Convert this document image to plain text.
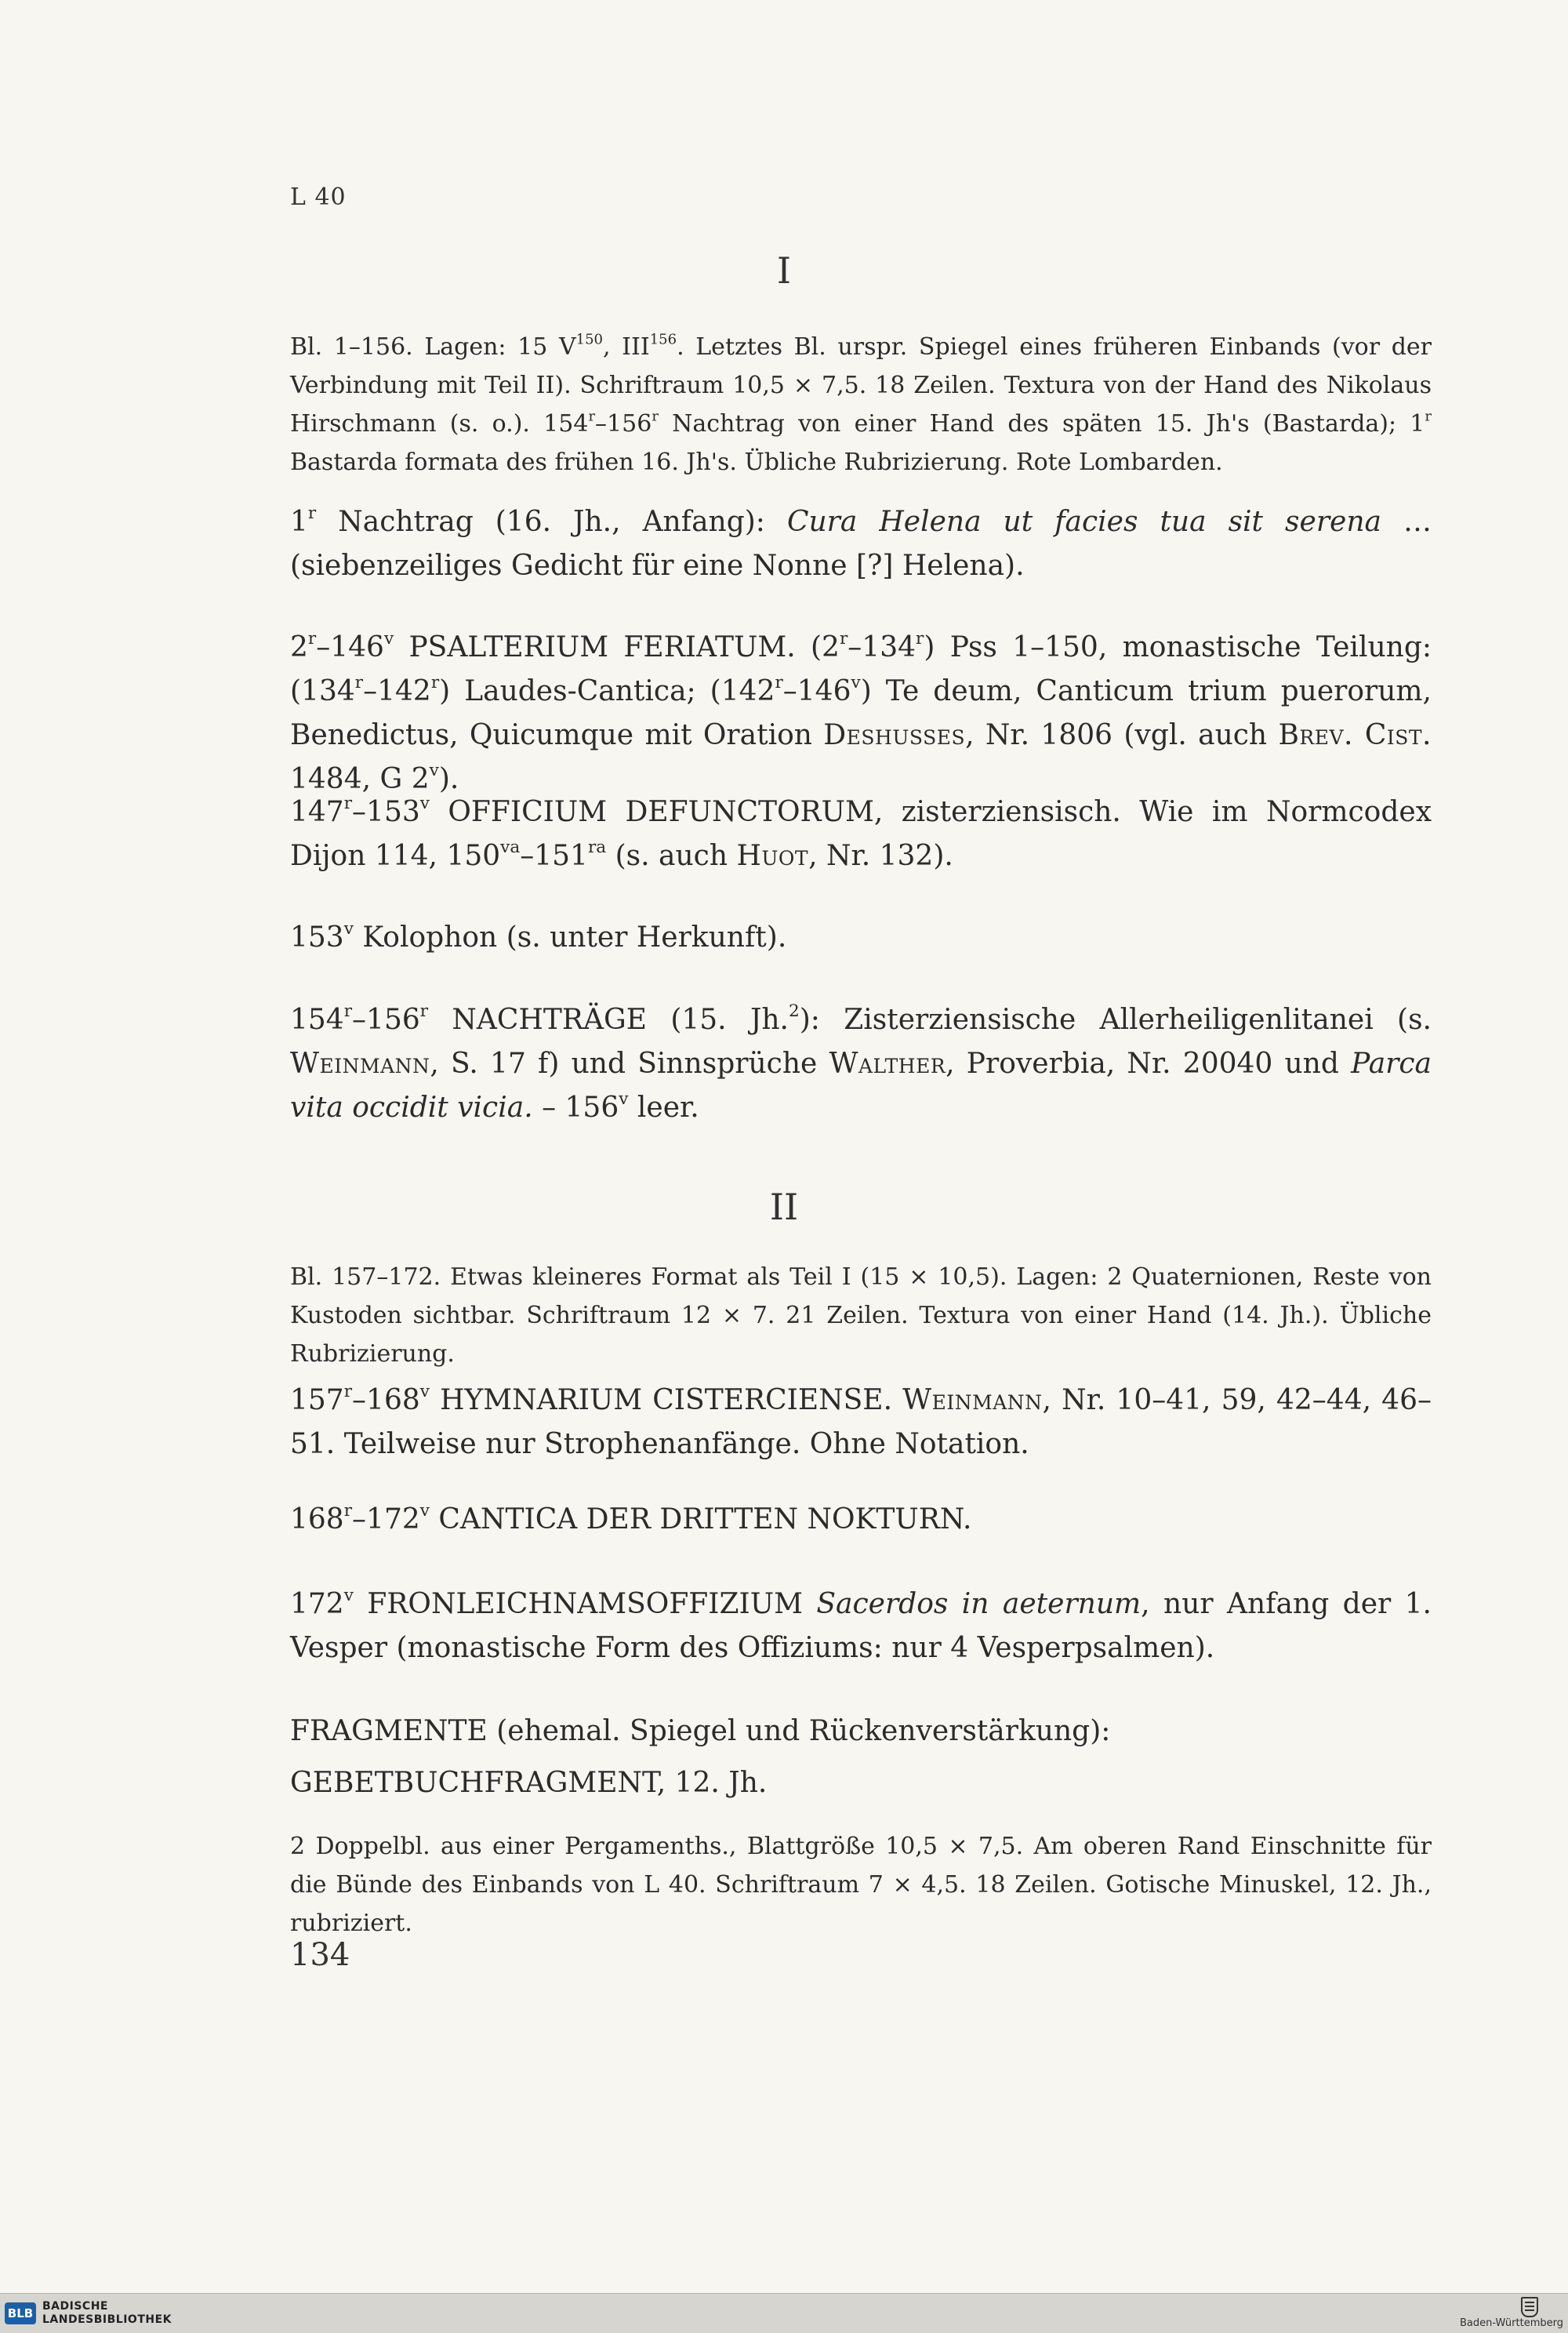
L 40
I
Bl. 1–156. Lagen: 15 $V^{150}$, III$^{156}$. Letztes Bl. urspr. Spiegel eines früheren Einbands (vor der Verbindung mit Teil II). Schriftraum 10,5 × 7,5. 18 Zeilen. Textura von der Hand des Nikolaus Hirschmann (s. o.). 154$^r$–156$^r$ Nachtrag von einer Hand des späten 15. Jh's (Bastarda); 1$^r$ Bastarda formata des frühen 16. Jh's. Übliche Rubrizierung. Rote Lombarden.
1$^r$ Nachtrag (16. Jh., Anfang): Cura Helena ut facies tua sit serena … (siebenzeiliges Gedicht für eine Nonne [?] Helena).
2$^r$–146$^v$ PSALTERIUM FERIATUM. (2$^r$–134$^r$) Pss 1–150, monastische Teilung: (134$^r$–142$^r$) Laudes-Cantica; (142$^r$–146$^v$) Te deum, Canticum trium puerorum, Benedictus, Quicumque mit Oration Deshusses, Nr. 1806 (vgl. auch Brev. Cist. 1484, G 2$^v$).
147$^r$–153$^v$ OFFICIUM DEFUNCTORUM, zisterziensisch. Wie im Normcodex Dijon 114, $150^{va}-151^{ra}$ (s. auch Huot, Nr. 132).
153$^v$ Kolophon (s. unter Herkunft).
154$^r$–156$^r$ NACHTRÄGE (15. Jh.$^2$): Zisterziensische Allerheiligenlitanei (s. Weinmann, S. 17 f) und Sinnsprüche Walther, Proverbia, Nr. 20040 und Parca vita occidit vicia. – 156$^v$ leer.
II
Bl. 157–172. Etwas kleineres Format als Teil I (15 × 10,5). Lagen: 2 Quaternionen, Reste von Kustoden sichtbar. Schriftraum 12 × 7. 21 Zeilen. Textura von einer Hand (14. Jh.). Übliche Rubrizierung.
157$^r$–168$^v$ HYMNARIUM CISTERCIENSE. Weinmann, Nr. 10–41, 59, 42–44, 46–51. Teilweise nur Strophenanfänge. Ohne Notation.
168$^r$–172$^v$ CANTICA DER DRITTEN NOKTURN.
172$^v$ FRONLEICHNAMSOFFIZIUM Sacerdos in aeternum, nur Anfang der 1. Vesper (monastische Form des Offiziums: nur 4 Vesperpsalmen).
FRAGMENTE (ehemal. Spiegel und Rückenverstärkung):
GEBETBUCHFRAGMENT, 12. Jh.
2 Doppelbl. aus einer Pergamenths., Blattgröße 10,5 × 7,5. Am oberen Rand Einschnitte für die Bünde des Einbands von L 40. Schriftraum 7 × 4,5. 18 Zeilen. Gotische Minuskel, 12. Jh., rubriziert.
134
BLB BADISCHE
LANDESBIBLIOTHEK	Baden-Württemberg
